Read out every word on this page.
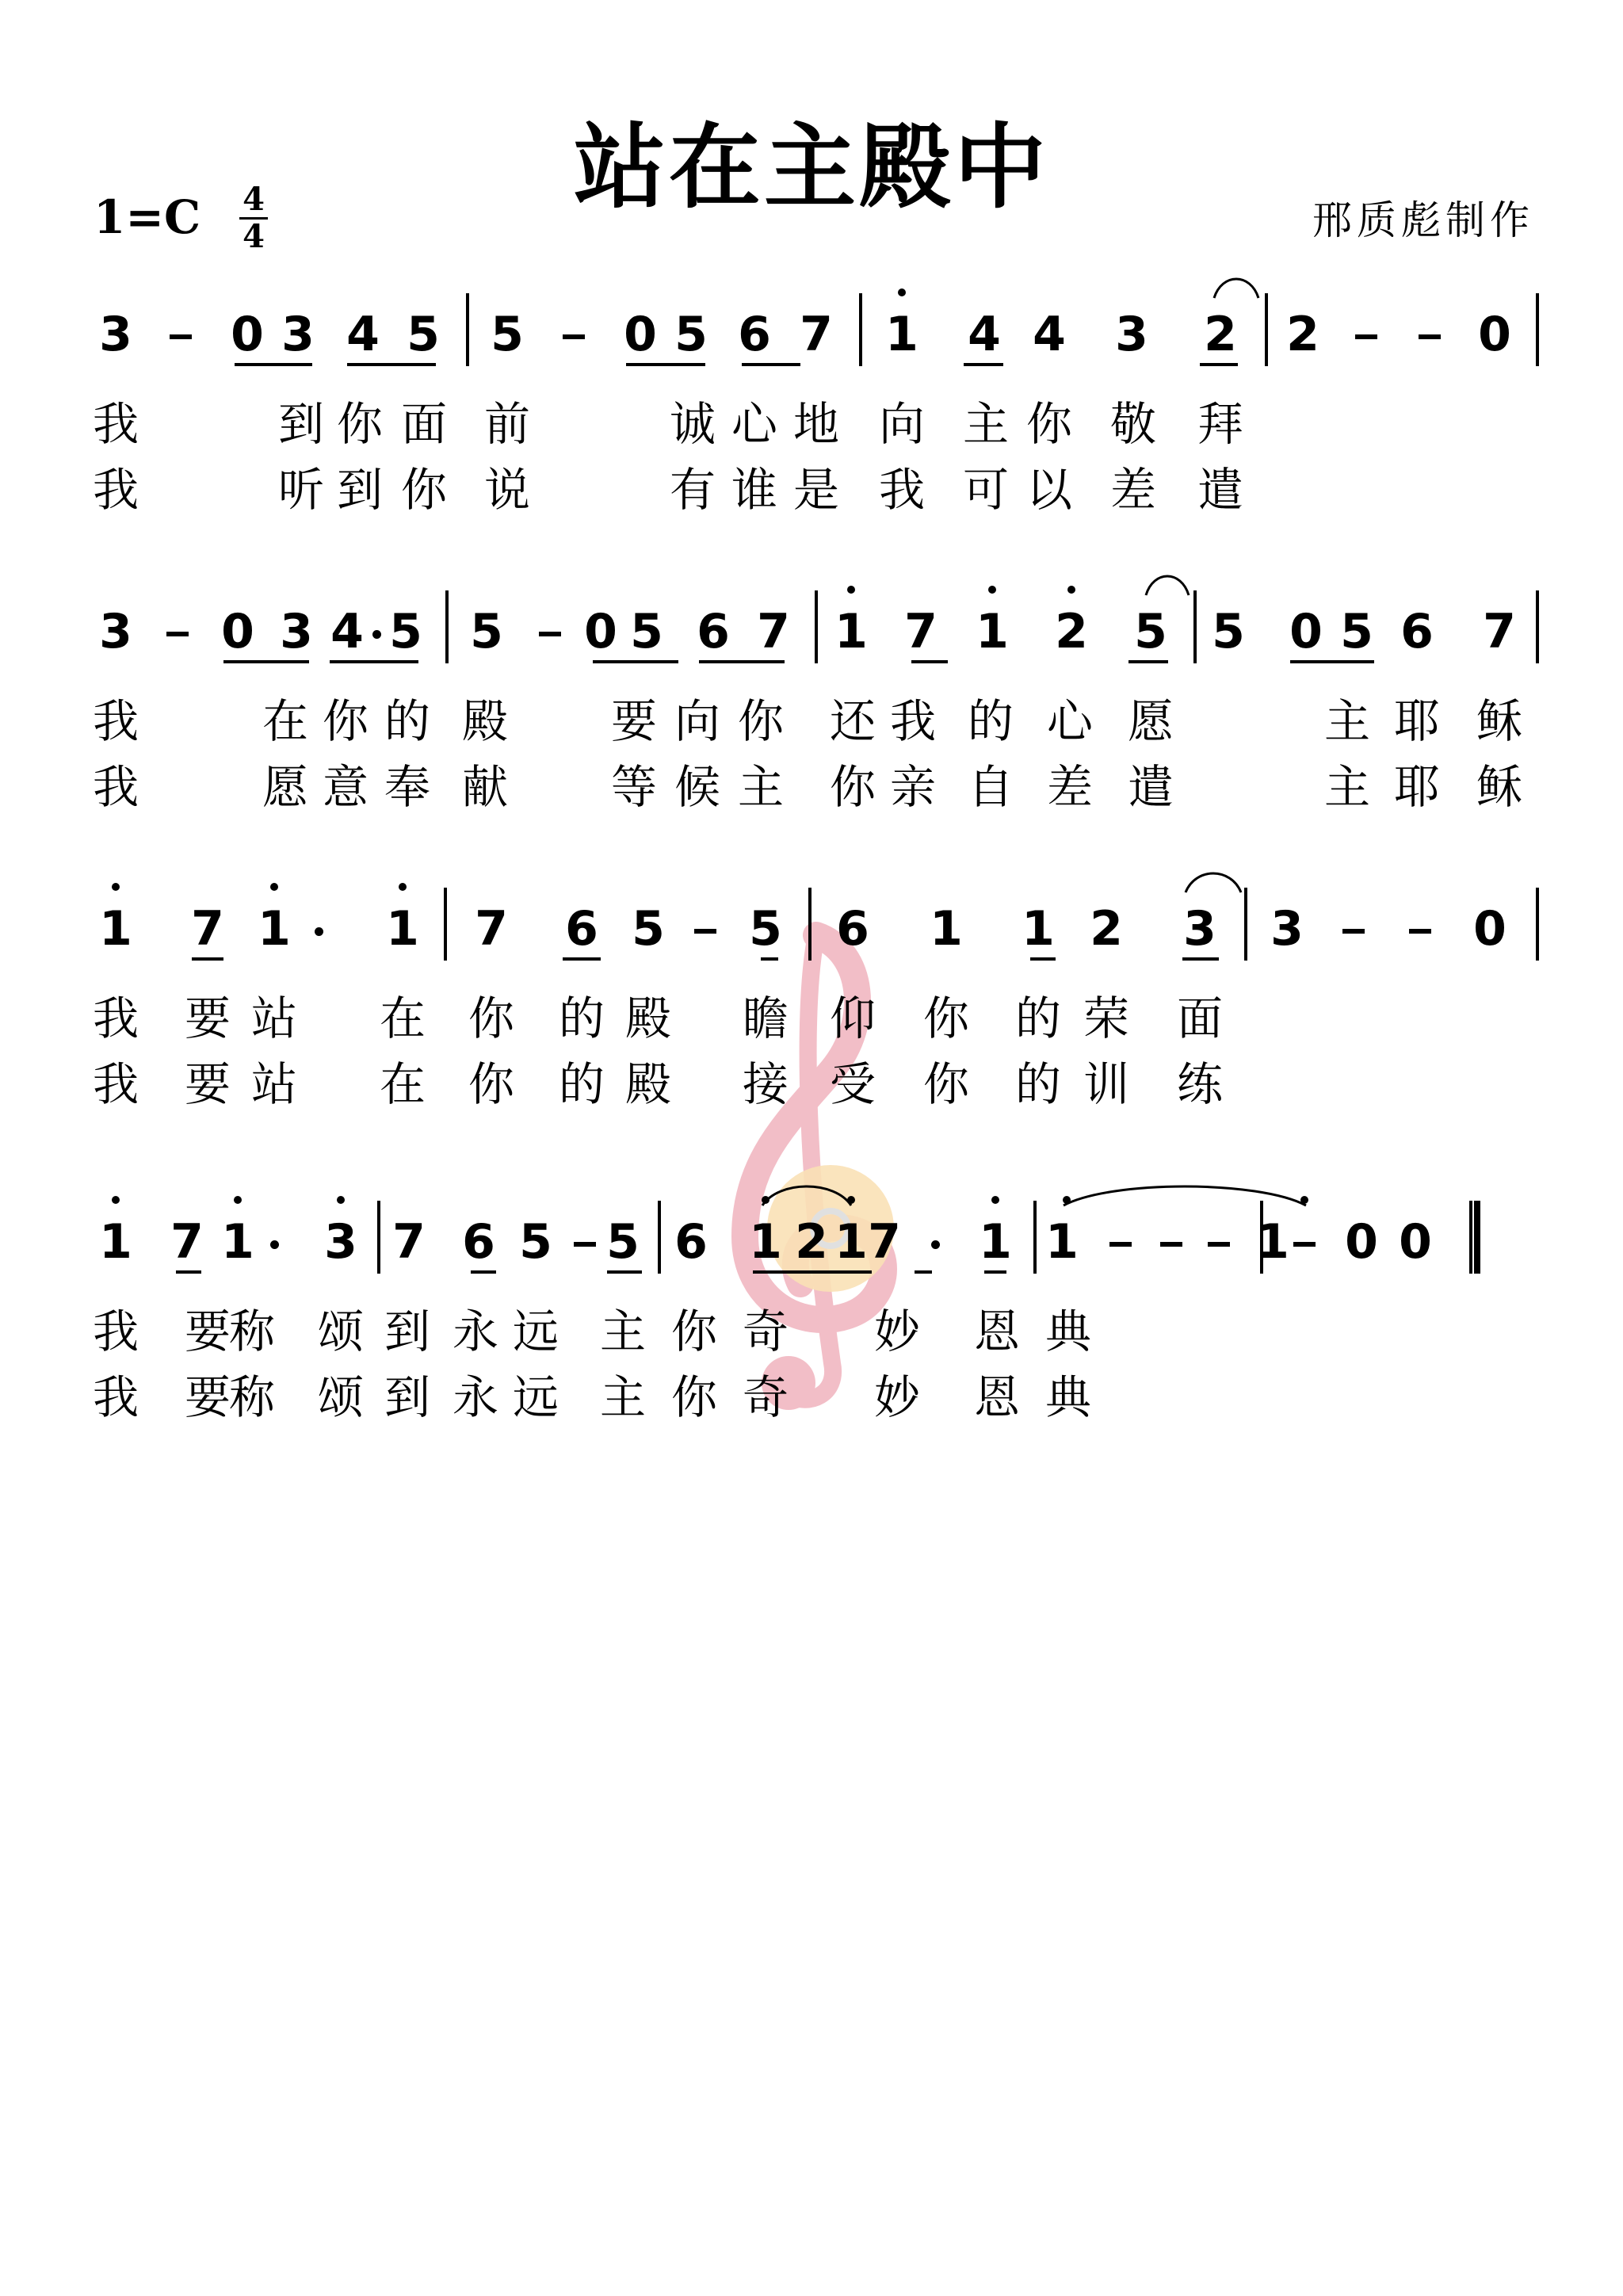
站在主殿中
1=C 4
4	邢质彪制作
3 0 3 4 5 5 0 5 6 7 1 4 4 3 2 2	0
我	到 你 面 前	诚 心 地 向 主 你 敬 拜
我	听 到 你 说	有 谁 是 我 可 以 差 遣
3 0 3 4 5 5 0 5 6 7 1 7 1 2 5 5 0 5 6 7
我	在 你 的 殿 要 向 你 还 我 的 心 愿	主 耶 稣
我	愿 意 奉 献 等 候 主 你 亲 自 差 遣	主 耶 稣
1 7 1 1 7 6 5 5 6 1 1 2 3 3	0
我 要 站 在 你 的 殿 瞻 仰 你 的 荣 面
我 要 站 在 你 的 殿 接 受 你 的 训 练
1 7 1 3 7 6 5 5 6 1 2 1 7 1 1	1 0 0
我 要
称 颂 到 永 远 主 你 奇 妙 恩 典
我 要
称 颂 到 永 远 主 你 奇 妙 恩 典
